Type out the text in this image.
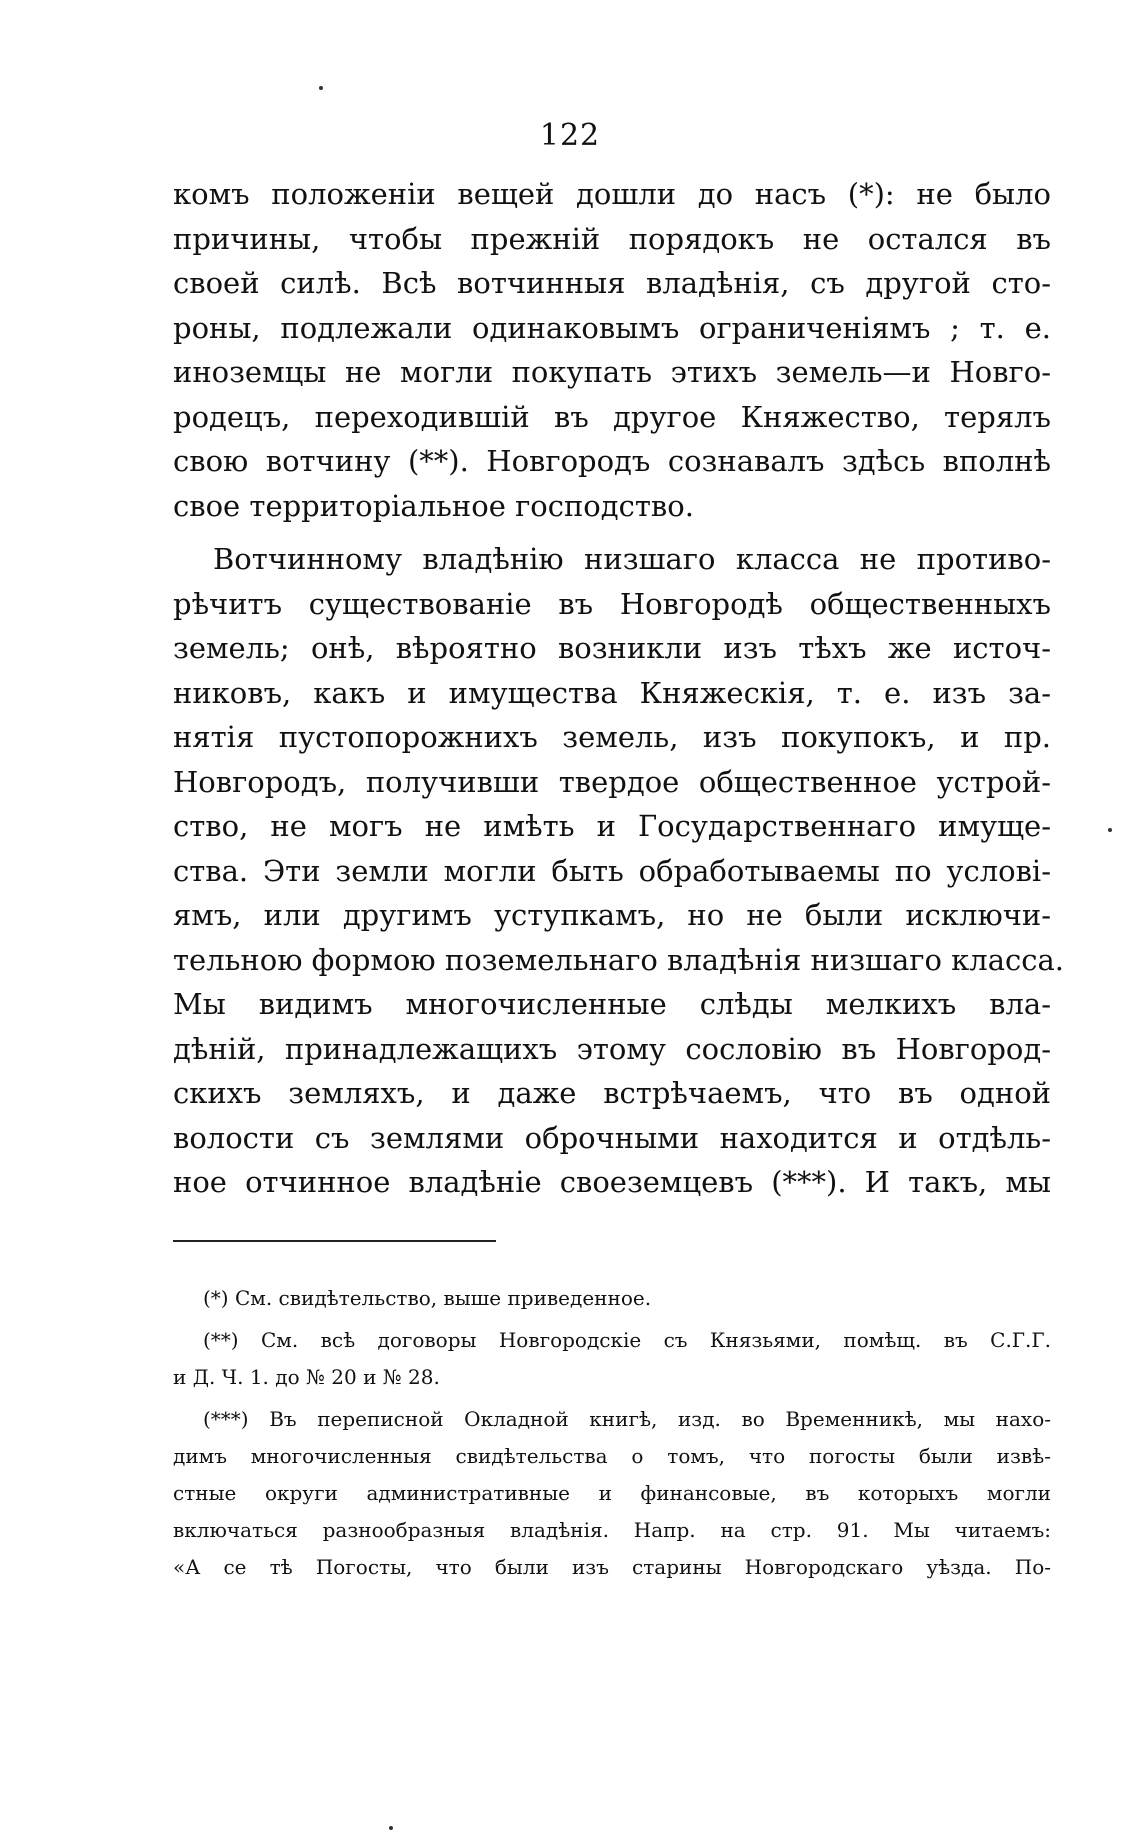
122
комъ положеніи вещей дошли до насъ (*): не было
причины, чтобы прежній порядокъ не остался въ
своей силѣ. Всѣ вотчинныя владѣнія, съ другой сто-
роны, подлежали одинаковымъ ограниченіямъ ; т. е.
иноземцы не могли покупать этихъ земель—и Новго-
родецъ, переходившій въ другое Княжество, терялъ
свою вотчину (**). Новгородъ сознавалъ здѣсь вполнѣ
свое территоріальное господство.
Вотчинному владѣнію низшаго класса не противо-
рѣчитъ существованіе въ Новгородѣ общественныхъ
земель; онѣ, вѣроятно возникли изъ тѣхъ же источ-
никовъ, какъ и имущества Княжескія, т. е. изъ за-
нятія пустопорожнихъ земель, изъ покупокъ, и пр.
Новгородъ, получивши твердое общественное устрой-
ство, не могъ не имѣть и Государственнаго имуще-
ства. Эти земли могли быть обработываемы по услові-
ямъ, или другимъ уступкамъ, но не были исключи-
тельною формою поземельнаго владѣнія низшаго класса.
Мы видимъ многочисленные слѣды мелкихъ вла-
дѣній, принадлежащихъ этому сословію въ Новгород-
скихъ земляхъ, и даже встрѣчаемъ, что въ одной
волости съ землями оброчными находится и отдѣль-
ное отчинное владѣніе своеземцевъ (***). И такъ, мы
(*) См. свидѣтельство, выше приведенное.
(**) См. всѣ договоры Новгородскіе съ Князьями, помѣщ. въ С.Г.Г.
и Д. Ч. 1. до № 20 и № 28.
(***) Въ переписной Окладной книгѣ, изд. во Временникѣ, мы нахо-
димъ многочисленныя свидѣтельства о томъ, что погосты были извѣ-
стные округи административные и финансовые, въ которыхъ могли
включаться разнообразныя владѣнія. Напр. на стр. 91. Мы читаемъ:
«А се тѣ Погосты, что были изъ старины Новгородскаго уѣзда. По-
